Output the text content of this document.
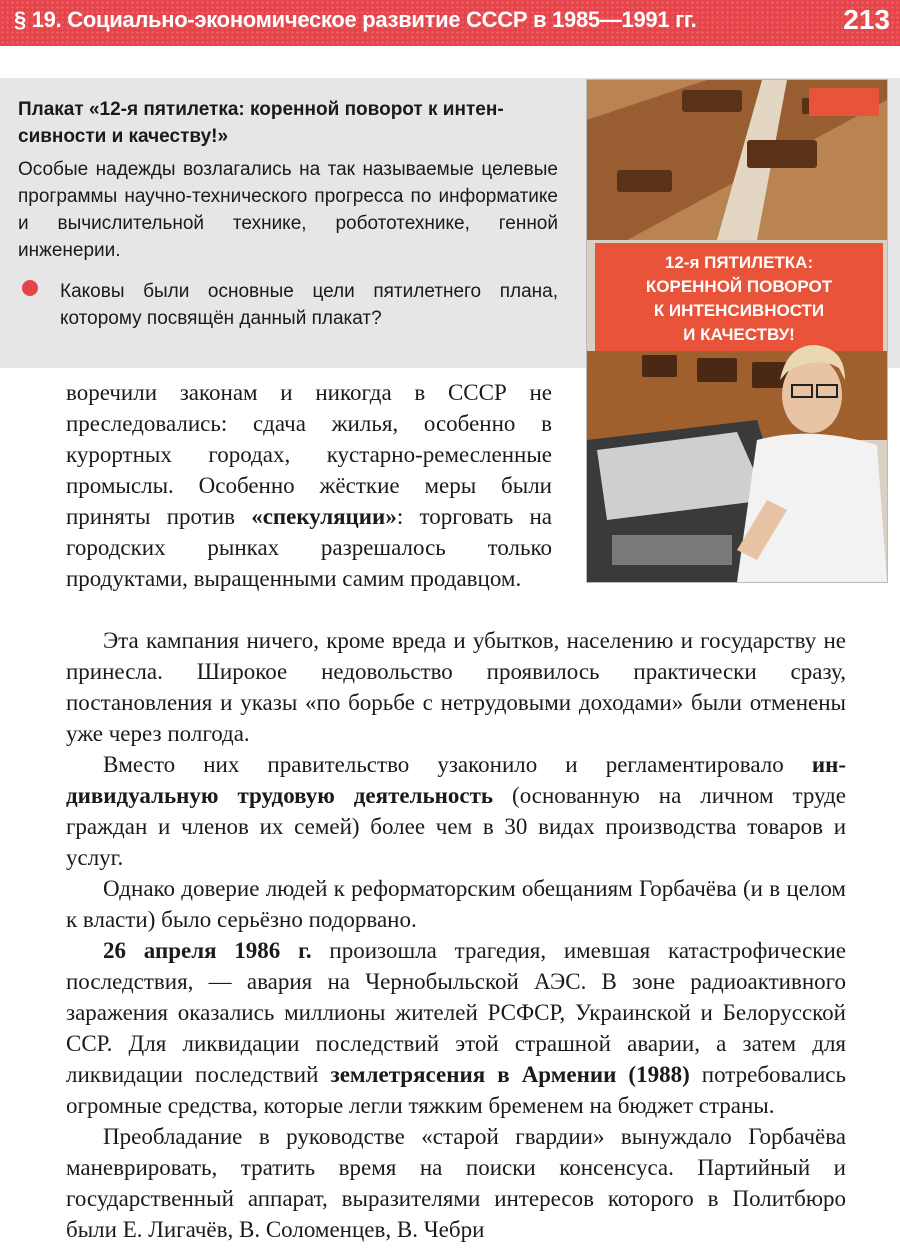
§ 19. Социально-экономическое развитие СССР в 1985—1991 гг.	213
Плакат «12-я пятилетка: коренной поворот к интенсивности и качеству!»
Особые надежды возлагались на так называемые целевые программы научно-технического прогресса по информатике и вычислительной технике, робототехнике, генной инженерии.
Каковы были основные цели пятилетнего плана, которому посвящён данный плакат?
12-я ПЯТИЛЕТКА:
КОРЕННОЙ ПОВОРОТ
К ИНТЕНСИВНОСТИ
И КАЧЕСТВУ!

воречили законам и никогда в СССР не преследовались: сдача жилья, особенно в курортных городах, кустарно-ремесленные промыслы. Особенно жёсткие меры были приняты против «спекуляции»: торговать на городских рынках разрешалось только продуктами, выращенными самим продавцом.

Эта кампания ничего, кроме вреда и убытков, населению и государству не принесла. Широкое недовольство проявилось практически сразу, постановления и указы «по борьбе с нетрудовыми доходами» были отменены уже через полгода.

Вместо них правительство узаконило и регламентировало индивидуальную трудовую деятельность (основанную на личном труде граждан и членов их семей) более чем в 30 видах производства товаров и услуг.

Однако доверие людей к реформаторским обещаниям Горбачёва (и в целом к власти) было серьёзно подорвано.

26 апреля 1986 г. произошла трагедия, имевшая катастрофические последствия, — авария на Чернобыльской АЭС. В зоне радиоактивного заражения оказались миллионы жителей РСФСР, Украинской и Белорусской ССР. Для ликвидации последствий этой страшной аварии, а затем для ликвидации последствий землетрясения в Армении (1988) потребовались огромные средства, которые легли тяжким бременем на бюджет страны.

Преобладание в руководстве «старой гвардии» вынуждало Горбачёва маневрировать, тратить время на поиски консенсуса. Партийный и государственный аппарат, выразителями интересов которого в Политбюро были Е. Лигачёв, В. Соломенцев, В. Чебри
